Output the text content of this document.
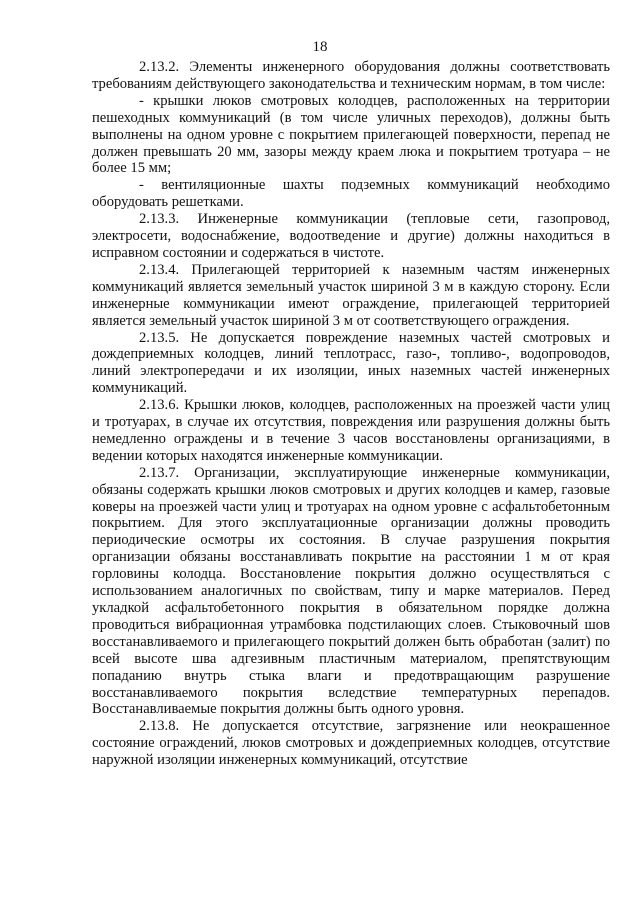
18

2.13.2. Элементы инженерного оборудования должны соответствовать требованиям действующего законодательства и техническим нормам, в том числе:

- крышки люков смотровых колодцев, расположенных на территории пешеходных коммуникаций (в том числе уличных переходов), должны быть выполнены на одном уровне с покрытием прилегающей поверхности, перепад не должен превышать 20 мм, зазоры между краем люка и покрытием тротуара – не более 15 мм;

- вентиляционные шахты подземных коммуникаций необходимо оборудовать решетками.

2.13.3. Инженерные коммуникации (тепловые сети, газопровод, электросети, водоснабжение, водоотведение и другие) должны находиться в исправном состоянии и содержаться в чистоте.

2.13.4. Прилегающей территорией к наземным частям инженерных коммуникаций является земельный участок шириной 3 м в каждую сторону. Если инженерные коммуникации имеют ограждение, прилегающей территорией является земельный участок шириной 3 м от соответствующего ограждения.

2.13.5. Не допускается повреждение наземных частей смотровых и дождеприемных колодцев, линий теплотрасс, газо-, топливо-, водопроводов, линий электропередачи и их изоляции, иных наземных частей инженерных коммуникаций.

2.13.6. Крышки люков, колодцев, расположенных на проезжей части улиц и тротуарах, в случае их отсутствия, повреждения или разрушения должны быть немедленно ограждены и в течение 3 часов восстановлены организациями, в ведении которых находятся инженерные коммуникации.

2.13.7. Организации, эксплуатирующие инженерные коммуникации, обязаны содержать крышки люков смотровых и других колодцев и камер, газовые коверы на проезжей части улиц и тротуарах на одном уровне с асфальтобетонным покрытием. Для этого эксплуатационные организации должны проводить периодические осмотры их состояния. В случае разрушения покрытия организации обязаны восстанавливать покрытие на расстоянии 1 м от края горловины колодца. Восстановление покрытия должно осуществляться с использованием аналогичных по свойствам, типу и марке материалов. Перед укладкой асфальтобетонного покрытия в обязательном порядке должна проводиться вибрационная утрамбовка подстилающих слоев. Стыковочный шов восстанавливаемого и прилегающего покрытий должен быть обработан (залит) по всей высоте шва адгезивным пластичным материалом, препятствующим попаданию внутрь стыка влаги и предотвращающим разрушение восстанавливаемого покрытия вследствие температурных перепадов. Восстанавливаемые покрытия должны быть одного уровня.

2.13.8. Не допускается отсутствие, загрязнение или неокрашенное состояние ограждений, люков смотровых и дождеприемных колодцев, отсутствие наружной изоляции инженерных коммуникаций, отсутствие
